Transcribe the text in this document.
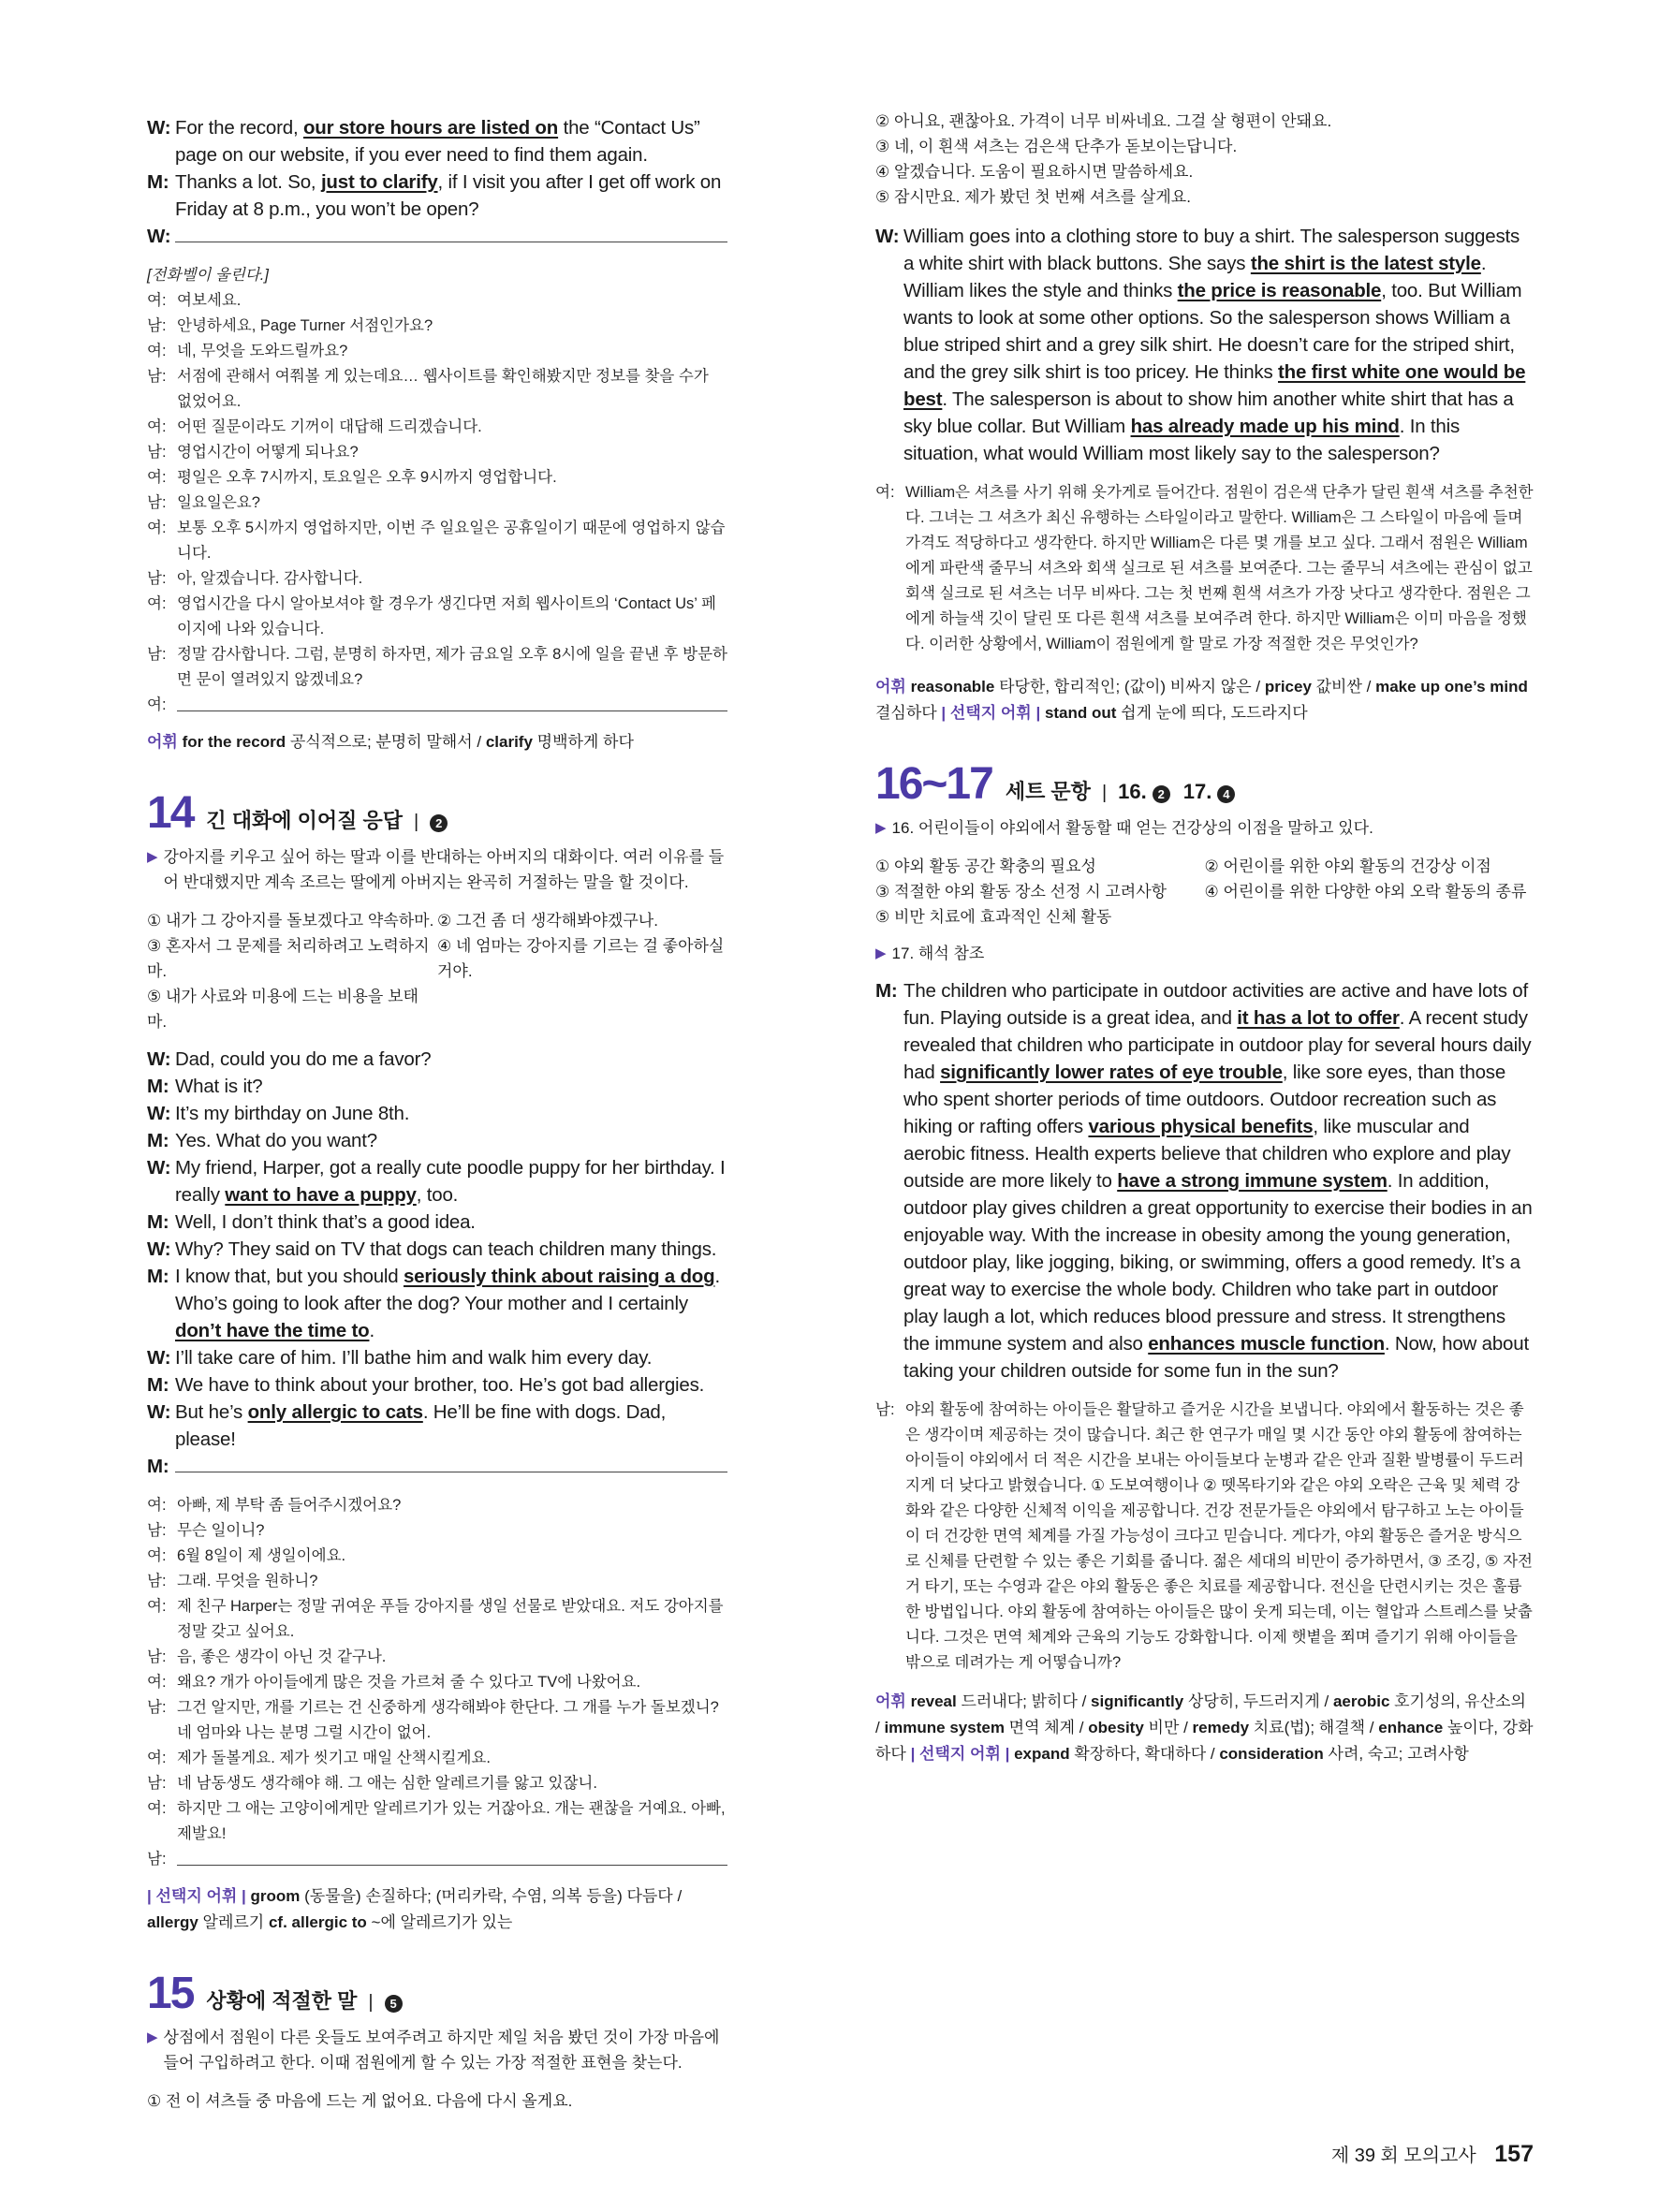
W: For the record, our store hours are listed on the “Contact Us” page on our website, if you ever need to find them again.
M: Thanks a lot. So, just to clarify, if I visit you after I get off work on Friday at 8 p.m., you won’t be open?
W:
[전화벨이 울린다.]
여: 여보세요.
남: 안녕하세요, Page Turner 서점인가요?
여: 네, 무엇을 도와드릴까요?
남: 서점에 관해서 여쭤볼 게 있는데요… 웹사이트를 확인해봤지만 정보를 찾을 수가 없었어요.
여: 어떤 질문이라도 기꺼이 대답해 드리겠습니다.
남: 영업시간이 어떻게 되나요?
여: 평일은 오후 7시까지, 토요일은 오후 9시까지 영업합니다.
남: 일요일은요?
여: 보통 오후 5시까지 영업하지만, 이번 주 일요일은 공휴일이기 때문에 영업하지 않습니다.
남: 아, 알겠습니다. 감사합니다.
여: 영업시간을 다시 알아보셔야 할 경우가 생긴다면 저희 웹사이트의 ‘Contact Us’ 페이지에 나와 있습니다.
남: 정말 감사합니다. 그럼, 분명히 하자면, 제가 금요일 오후 8시에 일을 끝낸 후 방문하면 문이 열려있지 않겠네요?
여:
어휘 for the record 공식적으로; 분명히 말해서 / clarify 명백하게 하다
14 긴 대화에 이어질 응답 |	2
▶ 강아지를 키우고 싶어 하는 딸과 이를 반대하는 아버지의 대화이다. 여러 이유를 들어 반대했지만 계속 조르는 딸에게 아버지는 완곡히 거절하는 말을 할 것이다.
① 내가 그 강아지를 돌보겠다고 약속하마. ② 그건 좀 더 생각해봐야겠구나.
③ 혼자서 그 문제를 처리하려고 노력하지 마.
④ 네 엄마는 강아지를 기르는 걸 좋아하실 거야.
⑤ 내가 사료와 미용에 드는 비용을 보태마.
W: Dad, could you do me a favor?
M: What is it?
W: It’s my birthday on June 8th.
M: Yes. What do you want?
W: My friend, Harper, got a really cute poodle puppy for her birthday. I really want to have a puppy, too.
M: Well, I don’t think that’s a good idea.
W: Why? They said on TV that dogs can teach children many things.
M: I know that, but you should seriously think about raising a dog. Who’s going to look after the dog? Your mother and I certainly don’t have the time to.
W: I’ll take care of him. I’ll bathe him and walk him every day.
M: We have to think about your brother, too. He’s got bad allergies.
W: But he’s only allergic to cats. He’ll be fine with dogs. Dad, please!
M:
여: 아빠, 제 부탁 좀 들어주시겠어요?
남: 무슨 일이니?
여: 6월 8일이 제 생일이에요.
남: 그래. 무엇을 원하니?
여: 제 친구 Harper는 정말 귀여운 푸들 강아지를 생일 선물로 받았대요. 저도 강아지를 정말 갖고 싶어요.
남: 음, 좋은 생각이 아닌 것 같구나.
여: 왜요? 개가 아이들에게 많은 것을 가르쳐 줄 수 있다고 TV에 나왔어요.
남: 그건 알지만, 개를 기르는 건 신중하게 생각해봐야 한단다. 그 개를 누가 돌보겠니? 네 엄마와 나는 분명 그럴 시간이 없어.
여: 제가 돌볼게요. 제가 씻기고 매일 산책시킬게요.
남: 네 남동생도 생각해야 해. 그 애는 심한 알레르기를 앓고 있잖니.
여: 하지만 그 애는 고양이에게만 알레르기가 있는 거잖아요. 개는 괜찮을 거예요. 아빠, 제발요!
남:
| 선택지 어휘 | groom (동물을) 손질하다; (머리카락, 수염, 의복 등을) 다듬다 / allergy 알레르기 cf. allergic to ~에 알레르기가 있는
15 상황에 적절한 말 |	5
▶ 상점에서 점원이 다른 옷들도 보여주려고 하지만 제일 처음 봤던 것이 가장 마음에 들어 구입하려고 한다. 이때 점원에게 할 수 있는 가장 적절한 표현을 찾는다.
① 전 이 셔츠들 중 마음에 드는 게 없어요. 다음에 다시 올게요.
② 아니요, 괜찮아요. 가격이 너무 비싸네요. 그걸 살 형편이 안돼요.
③ 네, 이 흰색 셔츠는 검은색 단추가 돋보이는답니다.
④ 알겠습니다. 도움이 필요하시면 말씀하세요.
⑤ 잠시만요. 제가 봤던 첫 번째 셔츠를 살게요.
W: William goes into a clothing store to buy a shirt. The salesperson suggests a white shirt with black buttons. She says the shirt is the latest style. William likes the style and thinks the price is reasonable, too. But William wants to look at some other options. So the salesperson shows William a blue striped shirt and a grey silk shirt. He doesn’t care for the striped shirt, and the grey silk shirt is too pricey. He thinks the first white one would be best. The salesperson is about to show him another white shirt that has a sky blue collar. But William has already made up his mind. In this situation, what would William most likely say to the salesperson?
여: William은 셔츠를 사기 위해 옷가게로 들어간다. 점원이 검은색 단추가 달린 흰색 셔츠를 추천한다. 그녀는 그 셔츠가 최신 유행하는 스타일이라고 말한다. William은 그 스타일이 마음에 들며 가격도 적당하다고 생각한다. 하지만 William은 다른 몇 개를 보고 싶다. 그래서 점원은 William에게 파란색 줄무늬 셔츠와 회색 실크로 된 셔츠를 보여준다. 그는 줄무늬 셔츠에는 관심이 없고 회색 실크로 된 셔츠는 너무 비싸다. 그는 첫 번째 흰색 셔츠가 가장 낫다고 생각한다. 점원은 그에게 하늘색 깃이 달린 또 다른 흰색 셔츠를 보여주려 한다. 하지만 William은 이미 마음을 정했다. 이러한 상황에서, William이 점원에게 할 말로 가장 적절한 것은 무엇인가?
어휘 reasonable 타당한, 합리적인; (값이) 비싸지 않은 / pricey 값비싼 / make up one’s mind 결심하다 | 선택지 어휘 | stand out 쉽게 눈에 띄다, 도드라지다
16~17 세트 문항 | 16. 2 17. 4
▶ 16. 어린이들이 야외에서 활동할 때 얻는 건강상의 이점을 말하고 있다.
① 야외 활동 공간 확충의 필요성	② 어린이를 위한 야외 활동의 건강상 이점
③ 적절한 야외 활동 장소 선정 시 고려사항	④ 어린이를 위한 다양한 야외 오락 활동의 종류
⑤ 비만 치료에 효과적인 신체 활동
▶ 17. 해석 참조
M: The children who participate in outdoor activities are active and have lots of fun. Playing outside is a great idea, and it has a lot to offer. A recent study revealed that children who participate in outdoor play for several hours daily had significantly lower rates of eye trouble, like sore eyes, than those who spent shorter periods of time outdoors. Outdoor recreation such as hiking or rafting offers various physical benefits, like muscular and aerobic fitness. Health experts believe that children who explore and play outside are more likely to have a strong immune system. In addition, outdoor play gives children a great opportunity to exercise their bodies in an enjoyable way. With the increase in obesity among the young generation, outdoor play, like jogging, biking, or swimming, offers a good remedy. It’s a great way to exercise the whole body. Children who take part in outdoor play laugh a lot, which reduces blood pressure and stress. It strengthens the immune system and also enhances muscle function. Now, how about taking your children outside for some fun in the sun?
남: 야외 활동에 참여하는 아이들은 활달하고 즐거운 시간을 보냅니다. 야외에서 활동하는 것은 좋은 생각이며 제공하는 것이 많습니다. 최근 한 연구가 매일 몇 시간 동안 야외 활동에 참여하는 아이들이 야외에서 더 적은 시간을 보내는 아이들보다 눈병과 같은 안과 질환 발병률이 두드러지게 더 낮다고 밝혔습니다. ① 도보여행이나 ② 뗏목타기와 같은 야외 오락은 근육 및 체력 강화와 같은 다양한 신체적 이익을 제공합니다. 건강 전문가들은 야외에서 탐구하고 노는 아이들이 더 건강한 면역 체계를 가질 가능성이 크다고 믿습니다. 게다가, 야외 활동은 즐거운 방식으로 신체를 단련할 수 있는 좋은 기회를 줍니다. 젊은 세대의 비만이 증가하면서, ③ 조깅, ⑤ 자전거 타기, 또는 수영과 같은 야외 활동은 좋은 치료를 제공합니다. 전신을 단련시키는 것은 훌륭한 방법입니다. 야외 활동에 참여하는 아이들은 많이 웃게 되는데, 이는 혈압과 스트레스를 낮춥니다. 그것은 면역 체계와 근육의 기능도 강화합니다. 이제 햇볕을 쬐며 즐기기 위해 아이들을 밖으로 데려가는 게 어떻습니까?
어휘 reveal 드러내다; 밝히다 / significantly 상당히, 두드러지게 / aerobic 호기성의, 유산소의 / immune system 면역 체계 / obesity 비만 / remedy 치료(법); 해결책 / enhance 높이다, 강화하다 | 선택지 어휘 | expand 확장하다, 확대하다 / consideration 사려, 숙고; 고려사항
제 39 회 모의고사 157
